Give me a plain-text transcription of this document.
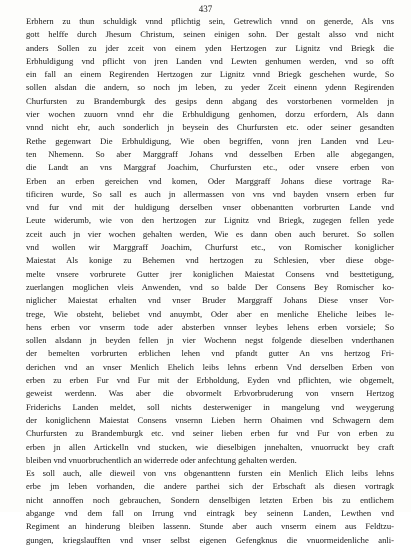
437
Erbhern zu thun schuldigk vnnd pflichtig sein, Getrewlich vnnd on generde, Als vns
gott helffe durch Jhesum Christum, seinen einigen sohn. Der gestalt alsso vnd nicht
anders Sollen zu jder zceit von einem yden Hertzogen zur Lignitz vnd Briegk die
Erbhuldigung vnd pflicht von jren Landen vnd Lewten genhumen werden, vnd so offt
ein fall an einem Regirenden Hertzogen zur Lignitz vnnd Briegk geschehen wurde, So
sollen alsdan die andern, so noch jm leben, zu yeder Zceit einenn ydenn Regirenden
Churfursten zu Brandemburgk des gesips denn abgang des vorstorbenen vormelden jn
vier wochen zuuorn vnnd ehr die Erbhuldigung genhomen, dorzu erfordern, Als dann
vnnd nicht ehr, auch sonderlich jn beysein des Churfursten etc. oder seiner gesandten
Rethe gegenwart Die Erbhuldigung, Wie oben begriffen, vonn jren Landen vnd Leu-
ten Nhemenn. So aber Marggraff Johans vnd desselben Erben alle abgegangen,
die Landt an vns Marggraf Joachim, Churfursten etc., oder vnsere erben von
Erben an erben gereichen vnd komen, Oder Marggraff Johans diese vortrage Ra-
tificiren wurde, So sall es auch jn allermassen von vns vnd bayden vnsern erben fur
vnd fur vnd mit der huldigung derselben vnser obbenantten vorbrurten Lande vnd
Leute widerumb, wie von den hertzogen zur Lignitz vnd Briegk, zugegen fellen yede
zceit auch jn vier wochen gehalten werden, Wie es dann oben auch beruret. So sollen
vnd wollen wir Marggraff Joachim, Churfurst etc., von Romischer koniglicher
Maiestat Als konige zu Behemen vnd hertzogen zu Schlesien, vber diese obge-
melte vnsere vorbrurete Gutter jrer koniglichen Maiestat Consens vnd besttetigung,
zuerlangen moglichen vleis Anwenden, vnd so balde Der Consens Bey Romischer ko-
niglicher Maiestat erhalten vnd vnser Bruder Marggraff Johans Diese vnser Vor-
trege, Wie obsteht, beliebet vnd anuymbt, Oder aber en menliche Eheliche leibes le-
hens erben vor vnserm tode ader absterben vnnser leybes lehens erben vorsiele; So
sollen alsdann jn beyden fellen jn vier Wochenn negst folgende dieselben vnderthanen
der bemelten vorbrurten erblichen lehen vnd pfandt gutter An vns hertzog Fri-
derichen vnd an vnser Menlich Ehelich leibs lehns erbenn Vnd derselben Erben von
erben zu erben Fur vnd Fur mit der Erbholdung, Eyden vnd pflichten, wie obgemelt,
geweist werdenn. Was aber die obvormelt Erbvorbruderung von vnsern Hertzog
Friderichs Landen meldet, soll nichts desterweniger in mangelung vnd weygerung
der koniglichenn Maiestat Consens vnsernn Lieben herrn Ohaimen vnd Schwagern dem
Churfursten zu Brandemburgk etc. vnd seiner lieben erben fur vnd Fur von erben zu
erben jn allen Artickelln vnd stucken, wie dieselbigen jnnehalten, vnuorruckt bey craft
bleiben vnd vnuorbruchentlich an widerrede oder anfechtung gehalten werden.
Es soll auch, alle dieweil von vns obgenanttenn fursten ein Menlich Elich leibs lehns
erbe jm leben vorhanden, die andere parthei sich der Erbschaft als diesen vortragk
nicht annoffen noch gebrauchen, Sondern denselbigen letzten Erben bis zu entlichem
abgange vnd dem fall on Irrung vnd eintragk bey seinenn Landen, Lewthen vnd
Regiment an hinderung bleiben lassenn. Stunde aber auch vnserm einem aus Feldtzu-
gungen, kriegslaufften vnd vnser selbst eigenen Gefengknus die vnuormeidenliche anli-
